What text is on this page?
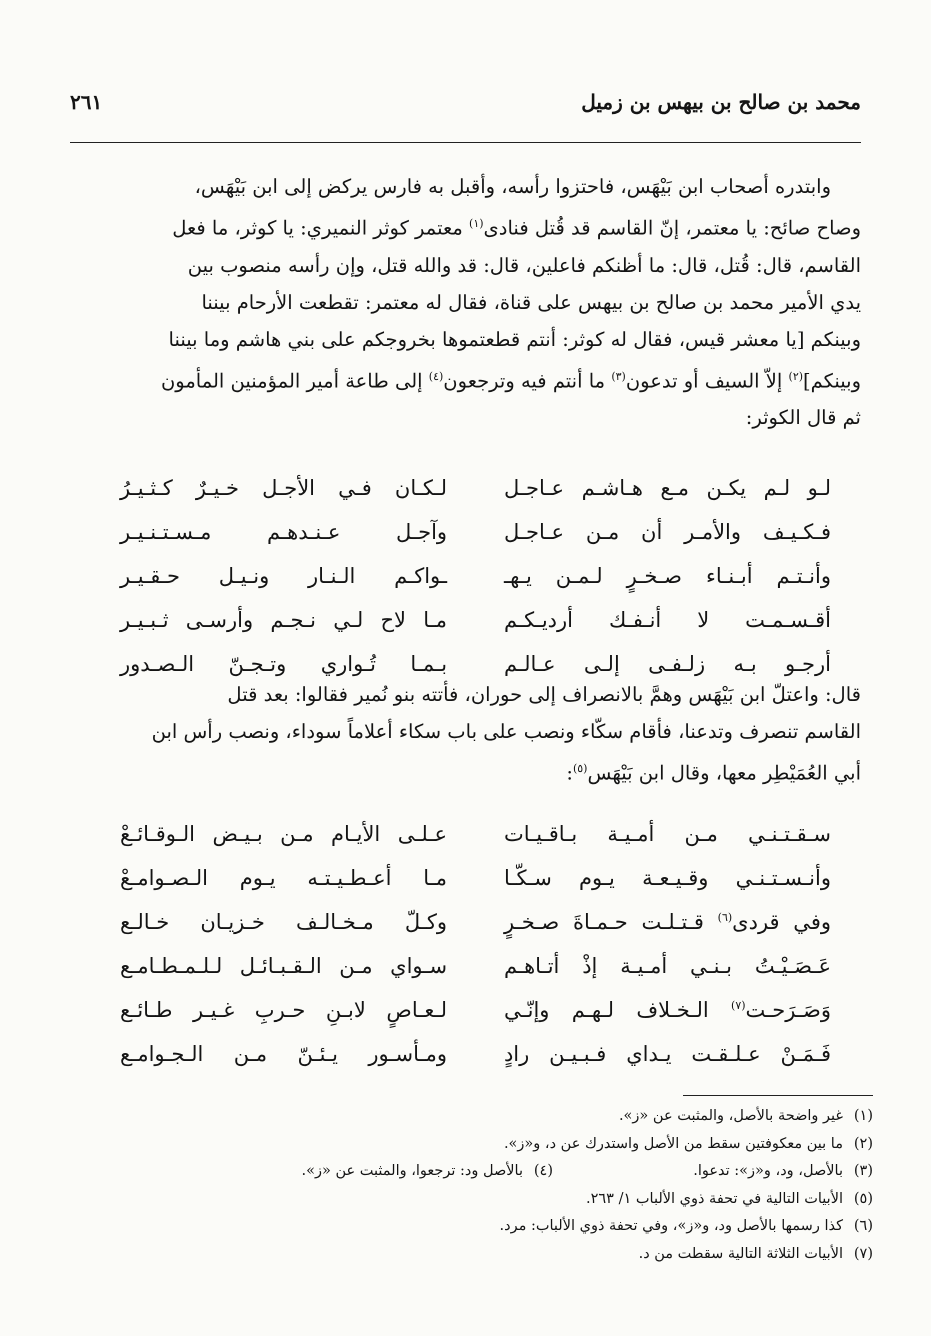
محمد بن صالح بن بيهس بن زميل
٢٦١

وابتدره أصحاب ابن بَيْهَس، فاحتزوا رأسه، وأقبل به فارس يركض إلى ابن بَيْهَس،

وصاح صائح: يا معتمر، إنّ القاسم قد قُتل فنادى$^{(١)}$ معتمر كوثر النميري: يا كوثر، ما فعل

القاسم، قال: قُتل، قال: ما أظنكم فاعلين، قال: قد والله قتل، وإن رأسه منصوب بين

يدي الأمير محمد بن صالح بن بيهس على قناة، فقال له معتمر: تقطعت الأرحام بيننا

وبينكم [يا معشر قيس، فقال له كوثر: أنتم قطعتموها بخروجكم على بني هاشم وما بيننا

وبينكم]$^{(٢)}$ إلاّ السيف أو تدعون$^{(٣)}$ ما أنتم فيه وترجعون$^{(٤)}$ إلى طاعة أمير المؤمنين المأمون

ثم قال الكوثر:

لـو لـم يكـن مـع هـاشـم عـاجـل
لـكـان فـي الأجـل خـيـرٌ كـثـيـرُ
فـكـيـف والأمـر أن مـن عـاجـل
وآجـل عـنـدهـم مـسـتـنـيـر
وأنـتـم أبـنـاء صـخـرٍ لـمـن يـهـ
ـواكـم الـنـار ونـيـل حـقـيـر
أقـسـمـت لا أنـفـك أرديـكـم
مـا لاح لـي نـجـم وأرسـى ثـبـيـر
أرجـو بـه زلـفـى إلـى عـالـم
بـمـا تُـواري وتـجـنّ الـصـدور

قال: واعتلّ ابن بَيْهَس وهمَّ بالانصراف إلى حوران، فأتته بنو نُمير فقالوا: بعد قتل

القاسم تنصرف وتدعنا، فأقام سكّاء ونصب على باب سكاء أعلاماً سوداء، ونصب رأس ابن

أبي العُمَيْطِر معها، وقال ابن بَيْهَس$^{(٥)}$:

سـقـتـنـي مـن أمـيـة بـاقـيـات
عـلـى الأيـام مـن بـيـض الـوقـائـعْ
وأنـسـتـنـي وقـيـعـة يـوم سـكّـا
مـا أعـطـيـتـه يـوم الـصـوامـعْ
وفي قردى$^{(٦)}$ قـتـلـت حـمـاةَ صـخـرٍ
وكـلّ مـخـالـف خـزيـان خـالـع
عَـصَـيْـتُ بـنـي أمـيـة إذْ أتـاهـم
سـواي مـن الـقـبـائـل لـلـمـطـامـع
وَصَـرَحـت$^{(٧)}$ الـخـلاف لـهـم وإنّـي
لـعـاصٍ لابـنِ حـربِ غـيـر طـائـع
فَـمَـنْ عـلـقـت يـداي فـبـيـن رادٍ
ومـأسـور يـئـنّ مـن الـجـوامـع
(١)غير واضحة بالأصل، والمثبت عن «ز».
(٢)ما بين معكوفتين سقط من الأصل واستدرك عن د، و«ز».
(٣)بالأصل، ود، و«ز»: تدعوا.
(٤)بالأصل ود: ترجعوا، والمثبت عن «ز».
(٥)الأبيات التالية في تحفة ذوي الألباب ١/ ٢٦٣.
(٦)كذا رسمها بالأصل ود، و«ز»، وفي تحفة ذوي الألباب: مرد.
(٧)الأبيات الثلاثة التالية سقطت من د.
